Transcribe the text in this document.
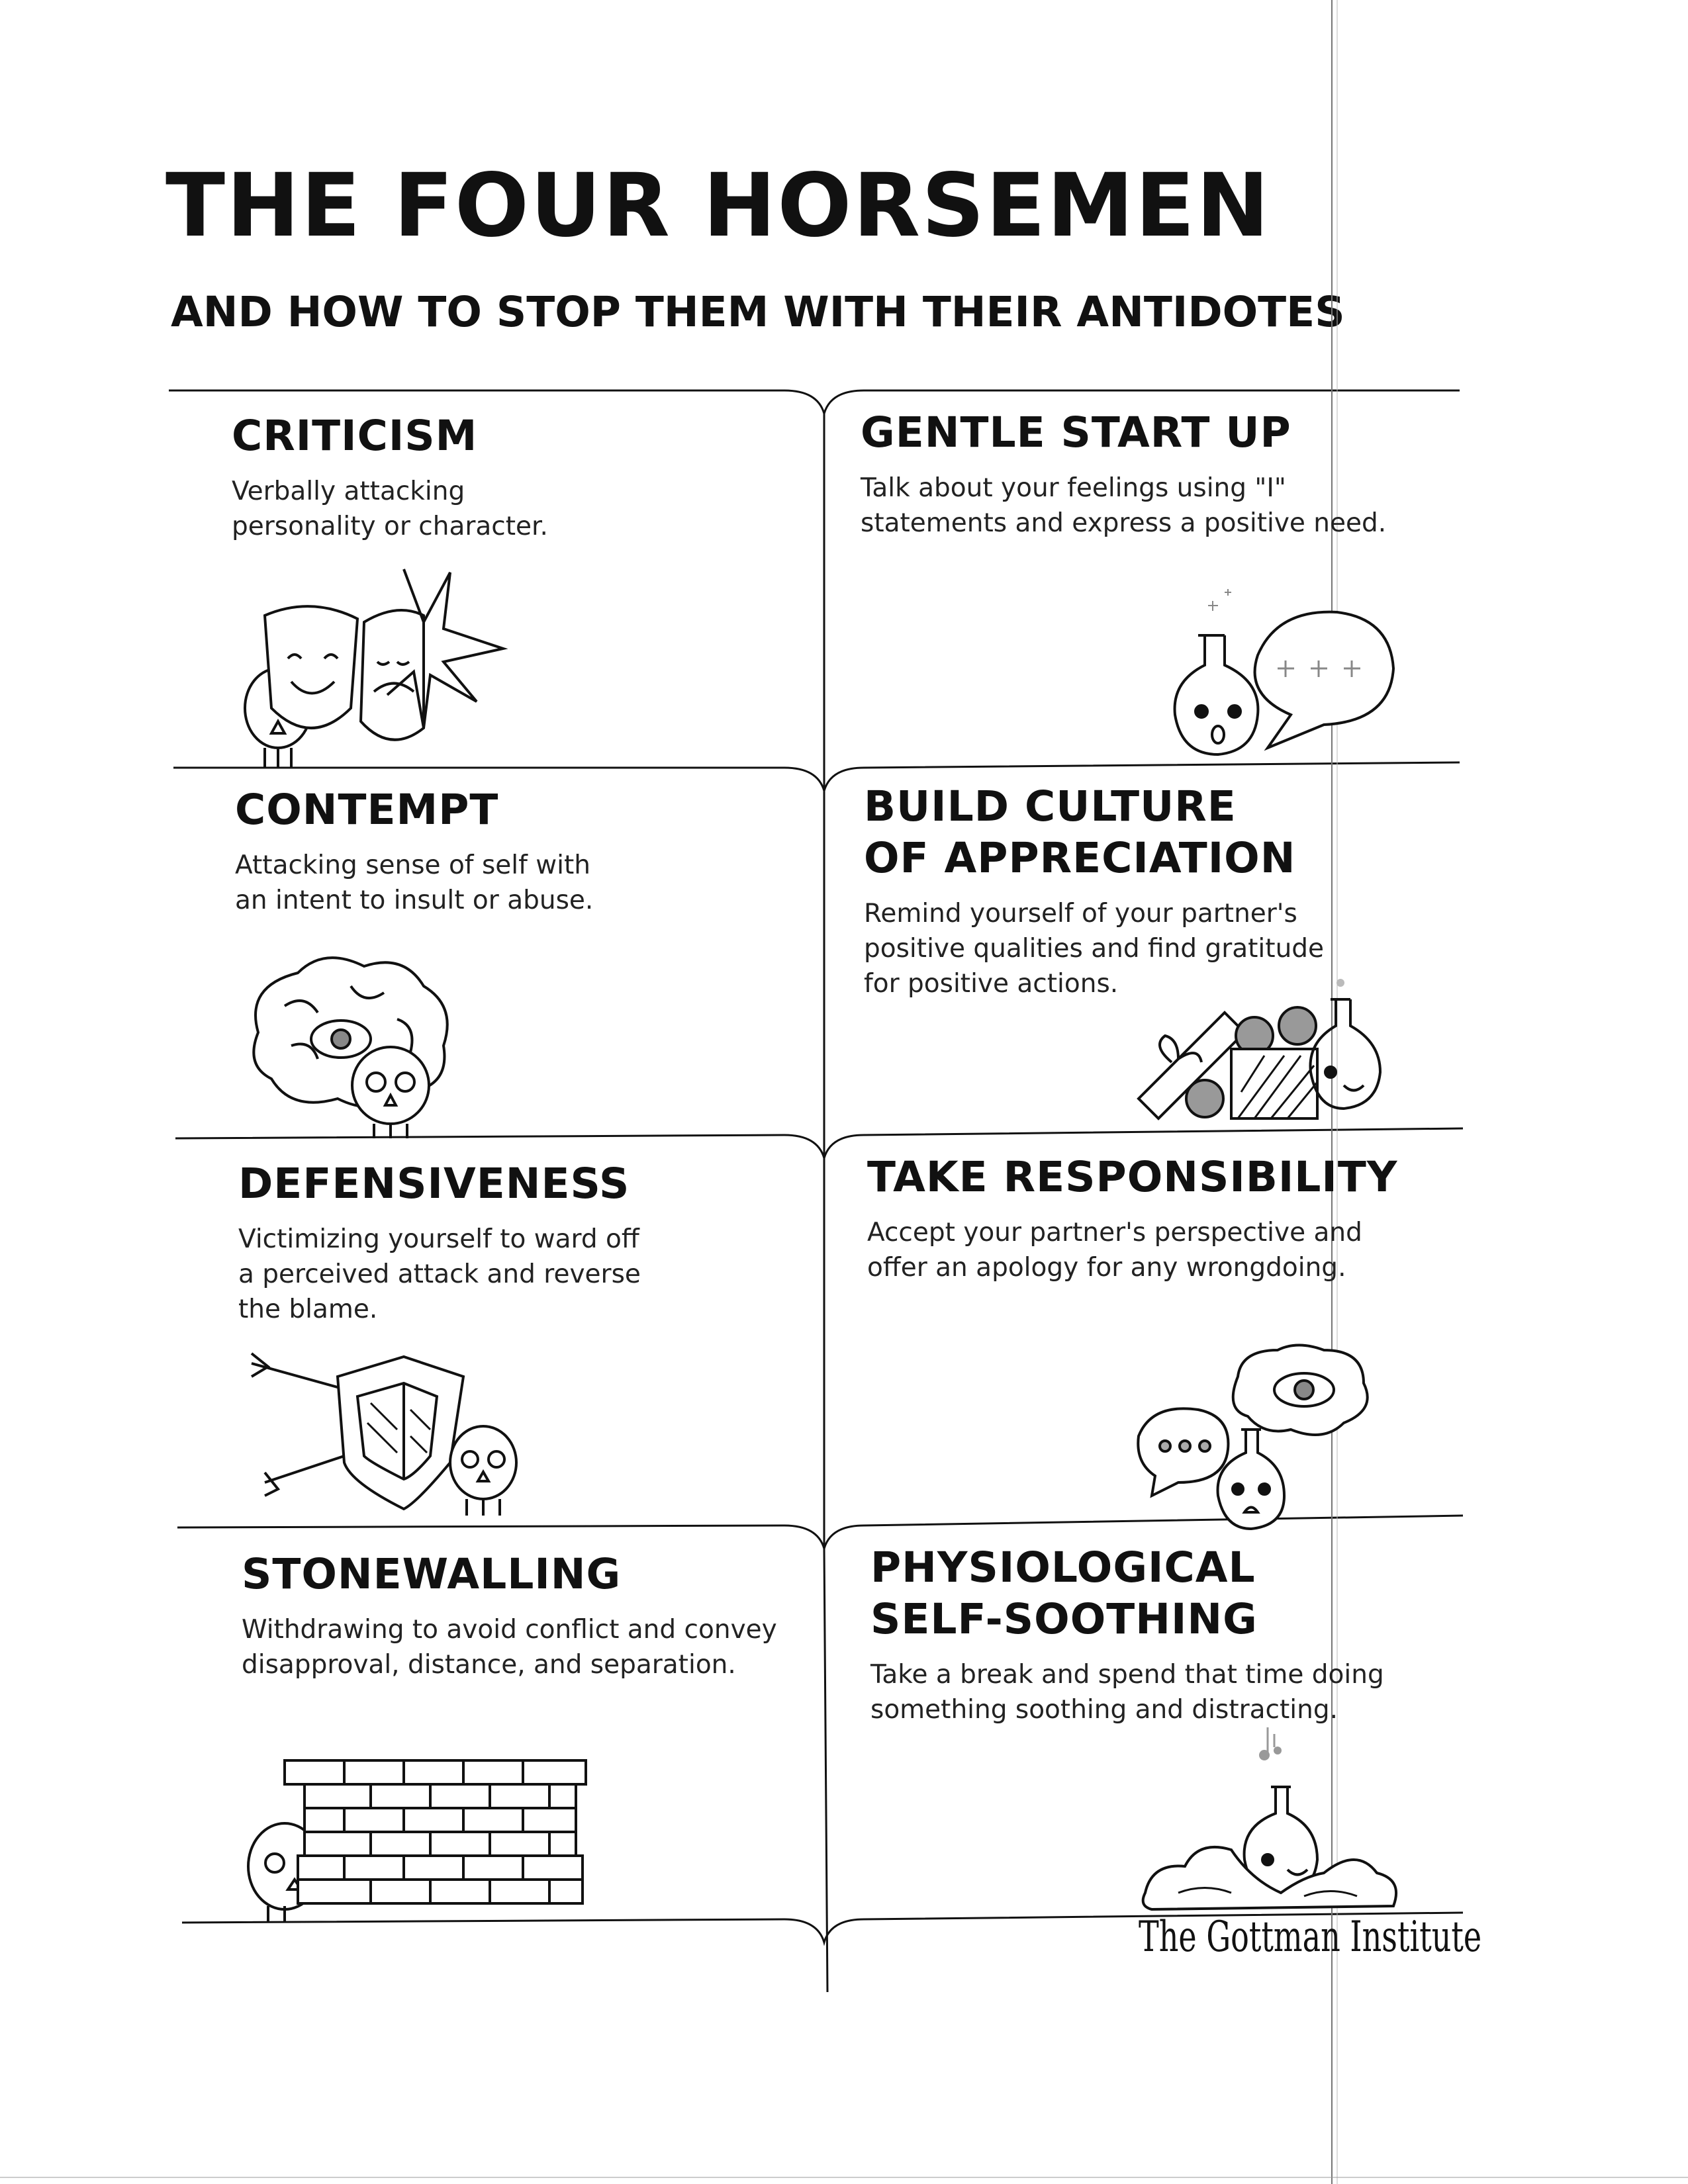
THE FOUR HORSEMEN
AND HOW TO STOP THEM WITH THEIR ANTIDOTES
CRITICISM

Verbally attacking
personality or character.

CONTEMPT

Attacking sense of self with
an intent to insult or abuse.

DEFENSIVENESS

Victimizing yourself to ward off
a perceived attack and reverse
the blame.

STONEWALLING

Withdrawing to avoid conflict and convey
disapproval, distance, and separation.

GENTLE START UP

Talk about your feelings using "I"
statements and express a positive need.

BUILD CULTURE
OF APPRECIATION

Remind yourself of your partner's
positive qualities and find gratitude
for positive actions.

TAKE RESPONSIBILITY

Accept your partner's perspective and
offer an apology for any wrongdoing.

PHYSIOLOGICAL
SELF-SOOTHING

Take a break and spend that time doing
something soothing and distracting.

The Gottman Institute
